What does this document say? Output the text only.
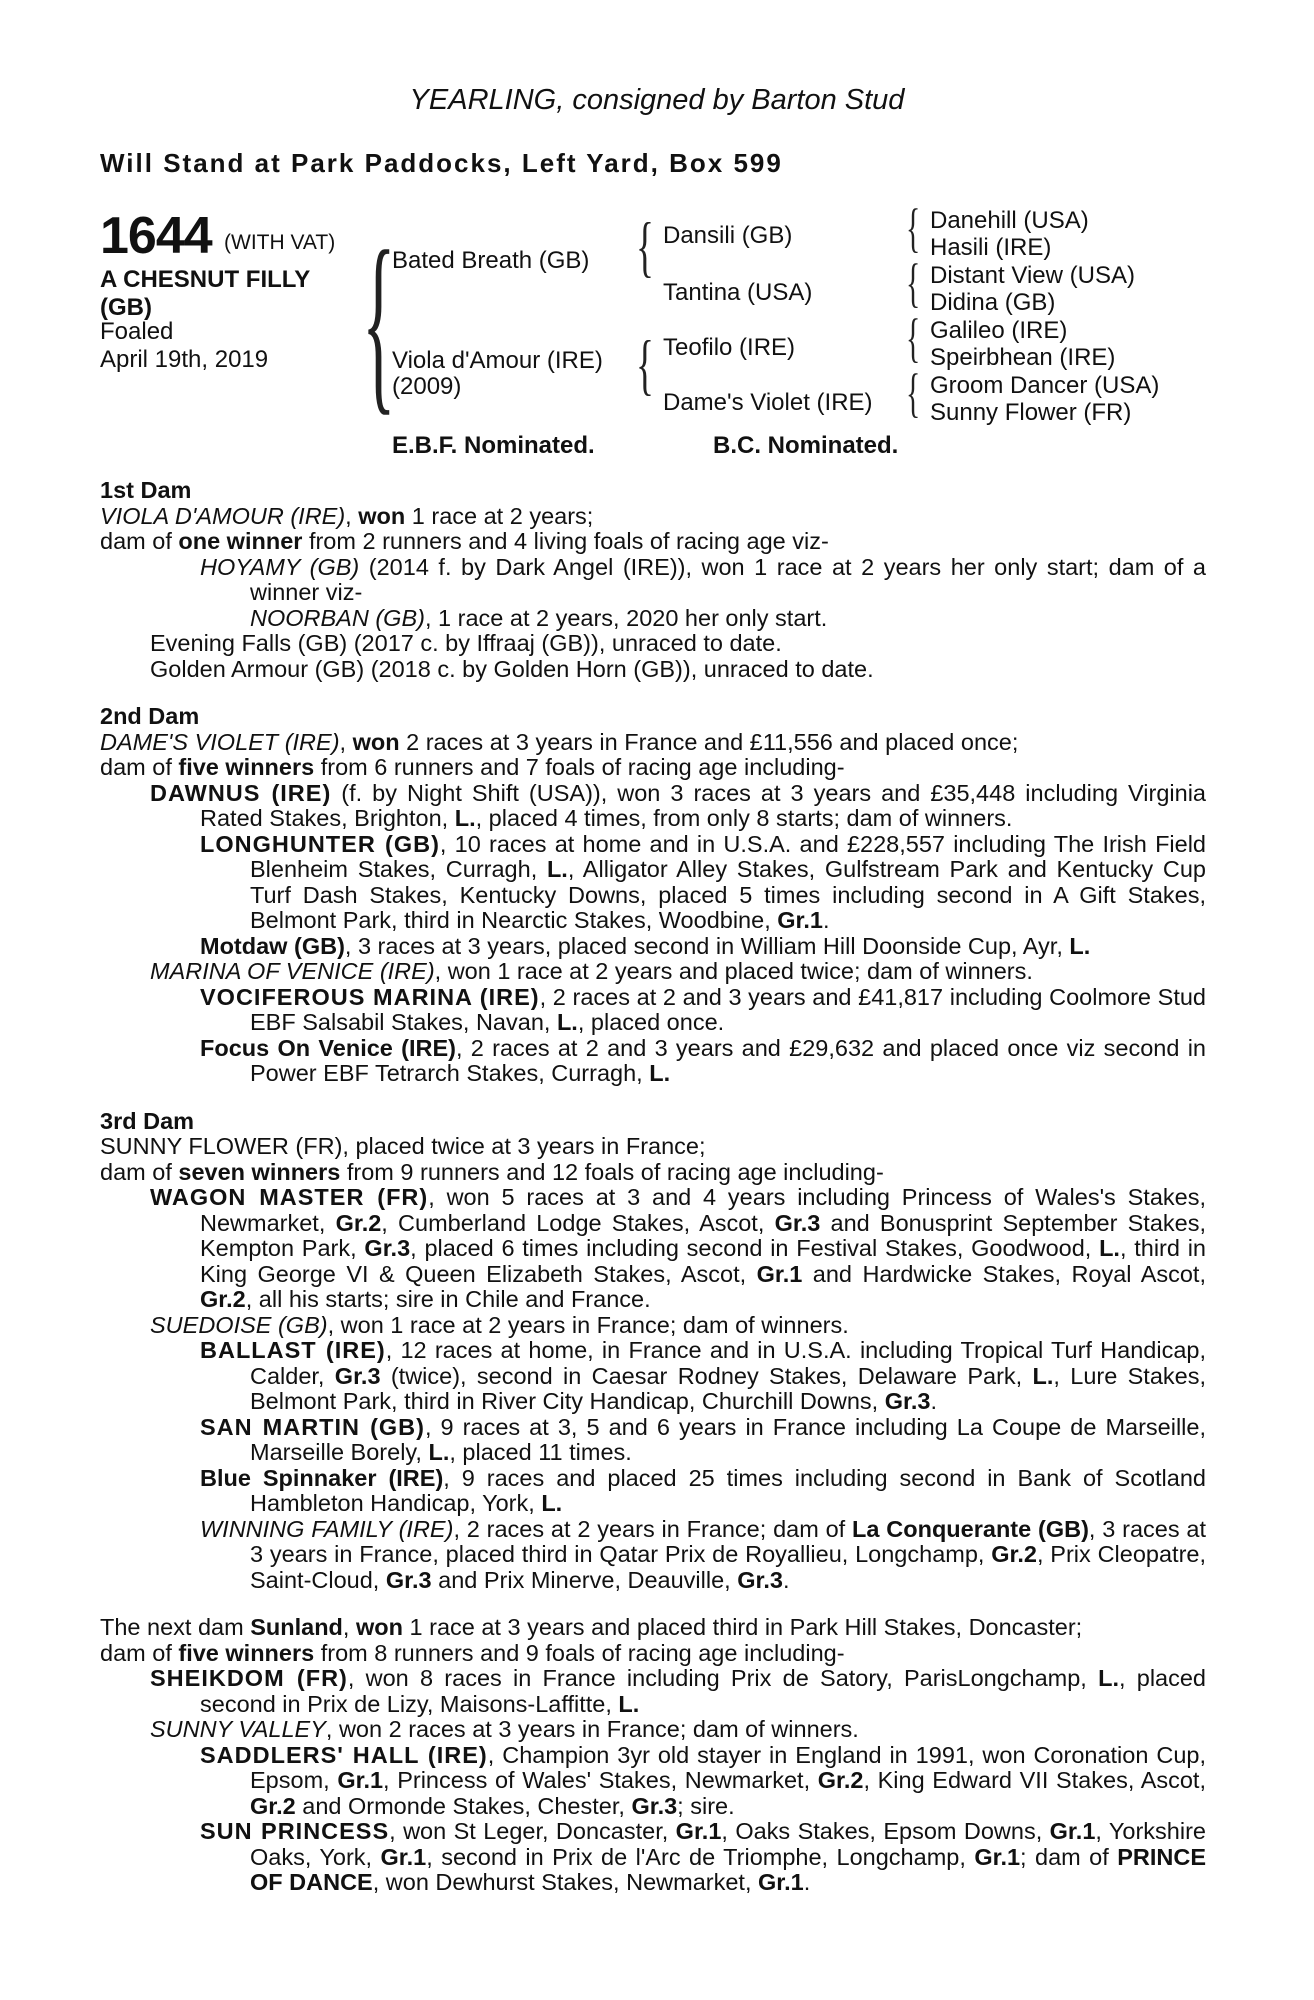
YEARLING, consigned by Barton Stud
Will Stand at Park Paddocks, Left Yard, Box 599
1644 (WITH VAT)
A CHESNUT FILLY
(GB)
Foaled
April 19th, 2019 {
Bated Breath (GB)
Viola d'Amour (IRE)
(2009)
{
{
Dansili (GB)
Tantina (USA)
Teofilo (IRE)
Dame's Violet (IRE)
{
{
{
{
Danehill (USA)
Hasili (IRE)
Distant View (USA)
Didina (GB)
Galileo (IRE)
Speirbhean (IRE)
Groom Dancer (USA)
Sunny Flower (FR)
E.B.F. Nominated.	B.C. Nominated.

1st Dam

VIOLA D'AMOUR (IRE), won 1 race at 2 years;

dam of one winner from 2 runners and 4 living foals of racing age viz-

HOYAMY (GB) (2014 f. by Dark Angel (IRE)), won 1 race at 2 years her only start; dam of a winner viz-

NOORBAN (GB), 1 race at 2 years, 2020 her only start.

Evening Falls (GB) (2017 c. by Iffraaj (GB)), unraced to date.

Golden Armour (GB) (2018 c. by Golden Horn (GB)), unraced to date.

2nd Dam

DAME'S VIOLET (IRE), won 2 races at 3 years in France and £11,556 and placed once;

dam of five winners from 6 runners and 7 foals of racing age including-

DAWNUS (IRE) (f. by Night Shift (USA)), won 3 races at 3 years and £35,448 including Virginia Rated Stakes, Brighton, L., placed 4 times, from only 8 starts; dam of winners.

LONGHUNTER (GB), 10 races at home and in U.S.A. and £228,557 including The Irish Field Blenheim Stakes, Curragh, L., Alligator Alley Stakes, Gulfstream Park and Kentucky Cup Turf Dash Stakes, Kentucky Downs, placed 5 times including second in A Gift Stakes, Belmont Park, third in Nearctic Stakes, Woodbine, Gr.1.

Motdaw (GB), 3 races at 3 years, placed second in William Hill Doonside Cup, Ayr, L.

MARINA OF VENICE (IRE), won 1 race at 2 years and placed twice; dam of winners.

VOCIFEROUS MARINA (IRE), 2 races at 2 and 3 years and £41,817 including Coolmore Stud EBF Salsabil Stakes, Navan, L., placed once.

Focus On Venice (IRE), 2 races at 2 and 3 years and £29,632 and placed once viz second in Power EBF Tetrarch Stakes, Curragh, L.

3rd Dam

SUNNY FLOWER (FR), placed twice at 3 years in France;

dam of seven winners from 9 runners and 12 foals of racing age including-

WAGON MASTER (FR), won 5 races at 3 and 4 years including Princess of Wales's Stakes, Newmarket, Gr.2, Cumberland Lodge Stakes, Ascot, Gr.3 and Bonusprint September Stakes, Kempton Park, Gr.3, placed 6 times including second in Festival Stakes, Goodwood, L., third in King George VI & Queen Elizabeth Stakes, Ascot, Gr.1 and Hardwicke Stakes, Royal Ascot, Gr.2, all his starts; sire in Chile and France.

SUEDOISE (GB), won 1 race at 2 years in France; dam of winners.

BALLAST (IRE), 12 races at home, in France and in U.S.A. including Tropical Turf Handicap, Calder, Gr.3 (twice), second in Caesar Rodney Stakes, Delaware Park, L., Lure Stakes, Belmont Park, third in River City Handicap, Churchill Downs, Gr.3.

SAN MARTIN (GB), 9 races at 3, 5 and 6 years in France including La Coupe de Marseille, Marseille Borely, L., placed 11 times.

Blue Spinnaker (IRE), 9 races and placed 25 times including second in Bank of Scotland Hambleton Handicap, York, L.

WINNING FAMILY (IRE), 2 races at 2 years in France; dam of La Conquerante (GB), 3 races at 3 years in France, placed third in Qatar Prix de Royallieu, Longchamp, Gr.2, Prix Cleopatre, Saint-Cloud, Gr.3 and Prix Minerve, Deauville, Gr.3.

The next dam Sunland, won 1 race at 3 years and placed third in Park Hill Stakes, Doncaster;

dam of five winners from 8 runners and 9 foals of racing age including-

SHEIKDOM (FR), won 8 races in France including Prix de Satory, ParisLongchamp, L., placed second in Prix de Lizy, Maisons-Laffitte, L.

SUNNY VALLEY, won 2 races at 3 years in France; dam of winners.

SADDLERS' HALL (IRE), Champion 3yr old stayer in England in 1991, won Coronation Cup, Epsom, Gr.1, Princess of Wales' Stakes, Newmarket, Gr.2, King Edward VII Stakes, Ascot, Gr.2 and Ormonde Stakes, Chester, Gr.3; sire.

SUN PRINCESS, won St Leger, Doncaster, Gr.1, Oaks Stakes, Epsom Downs, Gr.1, Yorkshire Oaks, York, Gr.1, second in Prix de l'Arc de Triomphe, Longchamp, Gr.1; dam of PRINCE OF DANCE, won Dewhurst Stakes, Newmarket, Gr.1.
